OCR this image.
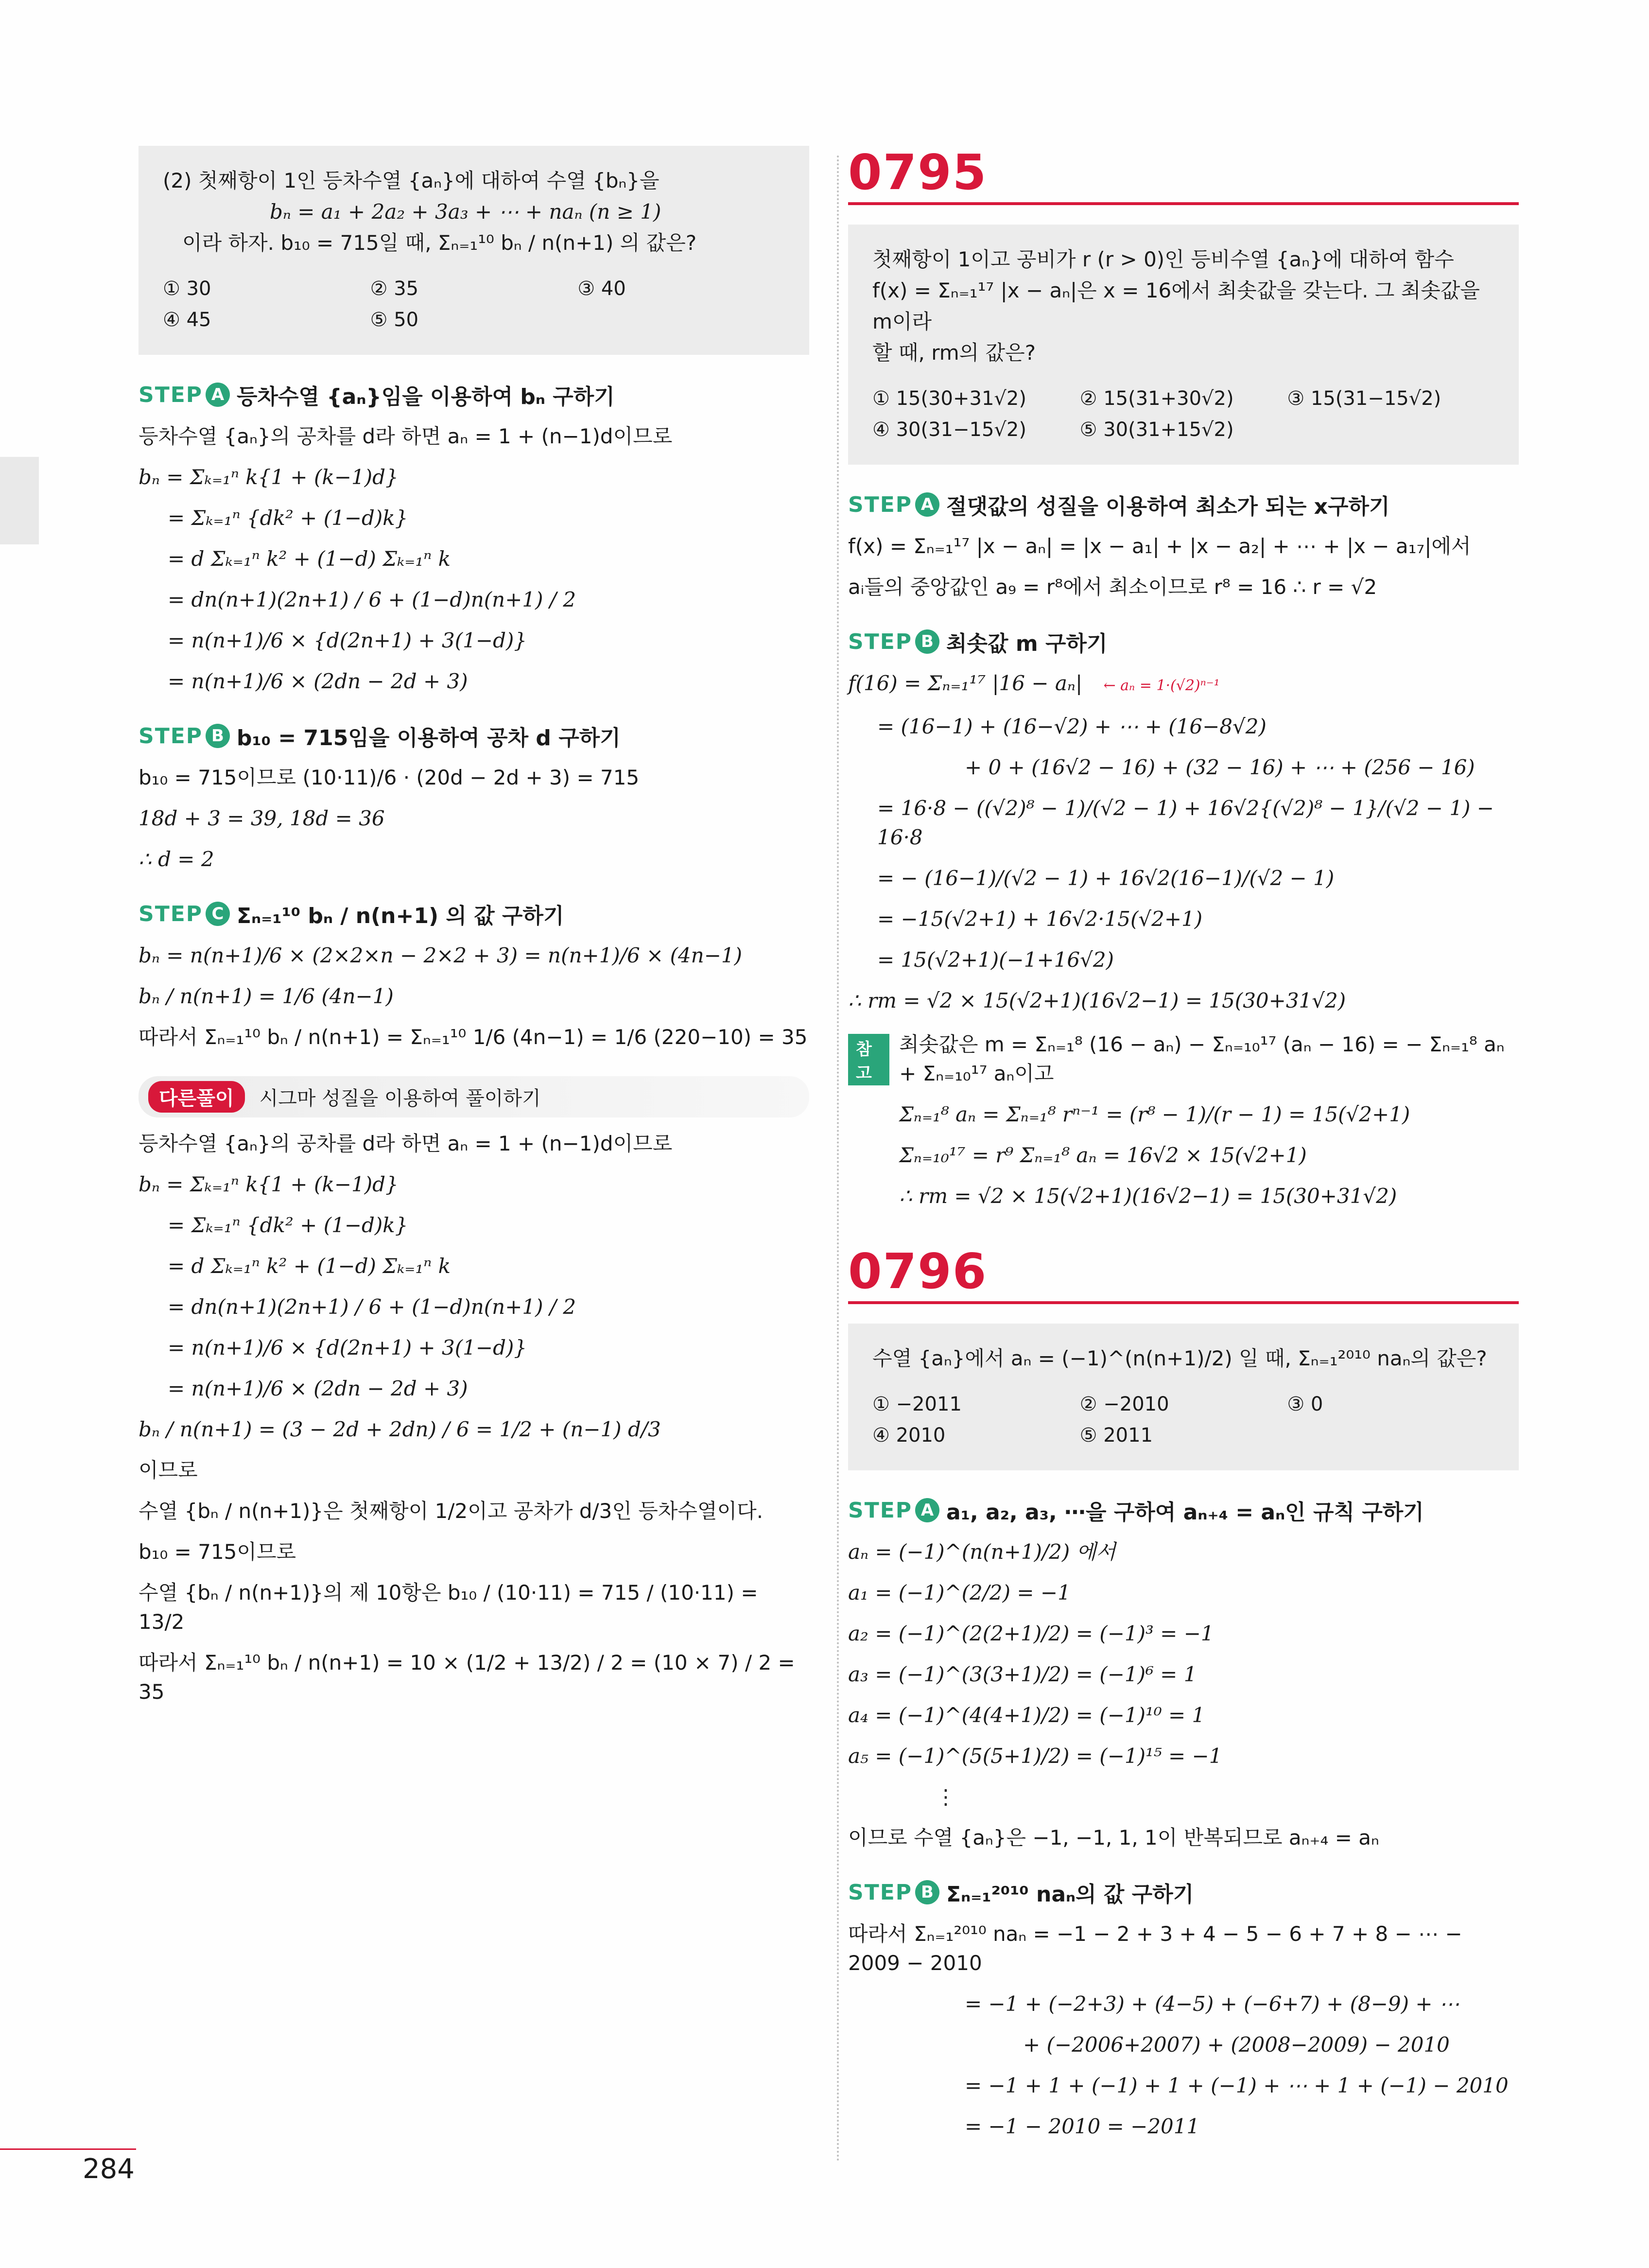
(2) 첫째항이 1인 등차수열 {aₙ}에 대하여 수열 {bₙ}을

bₙ = a₁ + 2a₂ + 3a₃ + ⋯ + naₙ (n ≥ 1)

이라 하자. b₁₀ = 715일 때, Σₙ₌₁¹⁰ bₙ / n(n+1) 의 값은?

① 30	② 35	③ 40
④ 45	⑤ 50
STEP A 등차수열 {aₙ}임을 이용하여 bₙ 구하기

등차수열 {aₙ}의 공차를 d라 하면 aₙ = 1 + (n−1)d이므로

bₙ = Σₖ₌₁ⁿ k{1 + (k−1)d}

= Σₖ₌₁ⁿ {dk² + (1−d)k}

= d Σₖ₌₁ⁿ k² + (1−d) Σₖ₌₁ⁿ k

= dn(n+1)(2n+1) / 6 + (1−d)n(n+1) / 2

= n(n+1)/6 × {d(2n+1) + 3(1−d)}

= n(n+1)/6 × (2dn − 2d + 3)

STEP B b₁₀ = 715임을 이용하여 공차 d 구하기

b₁₀ = 715이므로 (10·11)/6 · (20d − 2d + 3) = 715

18d + 3 = 39, 18d = 36

∴ d = 2

STEP C Σₙ₌₁¹⁰ bₙ / n(n+1) 의 값 구하기

bₙ = n(n+1)/6 × (2×2×n − 2×2 + 3) = n(n+1)/6 × (4n−1)

bₙ / n(n+1) = 1/6 (4n−1)

따라서 Σₙ₌₁¹⁰ bₙ / n(n+1) = Σₙ₌₁¹⁰ 1/6 (4n−1) = 1/6 (220−10) = 35

다른풀이	시그마 성질을 이용하여 풀이하기

등차수열 {aₙ}의 공차를 d라 하면 aₙ = 1 + (n−1)d이므로

bₙ = Σₖ₌₁ⁿ k{1 + (k−1)d}

= Σₖ₌₁ⁿ {dk² + (1−d)k}

= d Σₖ₌₁ⁿ k² + (1−d) Σₖ₌₁ⁿ k

= dn(n+1)(2n+1) / 6 + (1−d)n(n+1) / 2

= n(n+1)/6 × {d(2n+1) + 3(1−d)}

= n(n+1)/6 × (2dn − 2d + 3)

bₙ / n(n+1) = (3 − 2d + 2dn) / 6 = 1/2 + (n−1) d/3

이므로

수열 {bₙ / n(n+1)}은 첫째항이 1/2이고 공차가 d/3인 등차수열이다.

b₁₀ = 715이므로

수열 {bₙ / n(n+1)}의 제 10항은 b₁₀ / (10·11) = 715 / (10·11) = 13/2

따라서 Σₙ₌₁¹⁰ bₙ / n(n+1) = 10 × (1/2 + 13/2) / 2 = (10 × 7) / 2 = 35

0795

첫째항이 1이고 공비가 r (r > 0)인 등비수열 {aₙ}에 대하여 함수

f(x) = Σₙ₌₁¹⁷ |x − aₙ|은 x = 16에서 최솟값을 갖는다. 그 최솟값을 m이라

할 때, rm의 값은?

① 15(30+31√2)	② 15(31+30√2)	③ 15(31−15√2)
④ 30(31−15√2)	⑤ 30(31+15√2)
STEP A 절댓값의 성질을 이용하여 최소가 되는 x구하기

f(x) = Σₙ₌₁¹⁷ |x − aₙ| = |x − a₁| + |x − a₂| + ⋯ + |x − a₁₇|에서

aᵢ들의 중앙값인 a₉ = r⁸에서 최소이므로 r⁸ = 16 ∴ r = √2

STEP B 최솟값 m 구하기

f(16) = Σₙ₌₁¹⁷ |16 − aₙ| ← aₙ = 1·(√2)ⁿ⁻¹

= (16−1) + (16−√2) + ⋯ + (16−8√2)

+ 0 + (16√2 − 16) + (32 − 16) + ⋯ + (256 − 16)

= 16·8 − ((√2)⁸ − 1)/(√2 − 1) + 16√2{(√2)⁸ − 1}/(√2 − 1) − 16·8

= − (16−1)/(√2 − 1) + 16√2(16−1)/(√2 − 1)

= −15(√2+1) + 16√2·15(√2+1)

= 15(√2+1)(−1+16√2)

∴ rm = √2 × 15(√2+1)(16√2−1) = 15(30+31√2)

참고

최솟값은 m = Σₙ₌₁⁸ (16 − aₙ) − Σₙ₌₁₀¹⁷ (aₙ − 16) = − Σₙ₌₁⁸ aₙ + Σₙ₌₁₀¹⁷ aₙ이고

Σₙ₌₁⁸ aₙ = Σₙ₌₁⁸ rⁿ⁻¹ = (r⁸ − 1)/(r − 1) = 15(√2+1)

Σₙ₌₁₀¹⁷ = r⁹ Σₙ₌₁⁸ aₙ = 16√2 × 15(√2+1)

∴ rm = √2 × 15(√2+1)(16√2−1) = 15(30+31√2)

0796

수열 {aₙ}에서 aₙ = (−1)^(n(n+1)/2) 일 때, Σₙ₌₁²⁰¹⁰ naₙ의 값은?

① −2011	② −2010	③ 0
④ 2010	⑤ 2011
STEP A a₁, a₂, a₃, ⋯을 구하여 aₙ₊₄ = aₙ인 규칙 구하기

aₙ = (−1)^(n(n+1)/2) 에서

a₁ = (−1)^(2/2) = −1

a₂ = (−1)^(2(2+1)/2) = (−1)³ = −1

a₃ = (−1)^(3(3+1)/2) = (−1)⁶ = 1

a₄ = (−1)^(4(4+1)/2) = (−1)¹⁰ = 1

a₅ = (−1)^(5(5+1)/2) = (−1)¹⁵ = −1

⋮

이므로 수열 {aₙ}은 −1, −1, 1, 1이 반복되므로 aₙ₊₄ = aₙ

STEP B Σₙ₌₁²⁰¹⁰ naₙ의 값 구하기

따라서 Σₙ₌₁²⁰¹⁰ naₙ = −1 − 2 + 3 + 4 − 5 − 6 + 7 + 8 − ⋯ − 2009 − 2010

= −1 + (−2+3) + (4−5) + (−6+7) + (8−9) + ⋯

+ (−2006+2007) + (2008−2009) − 2010

= −1 + 1 + (−1) + 1 + (−1) + ⋯ + 1 + (−1) − 2010

= −1 − 2010 = −2011

284
